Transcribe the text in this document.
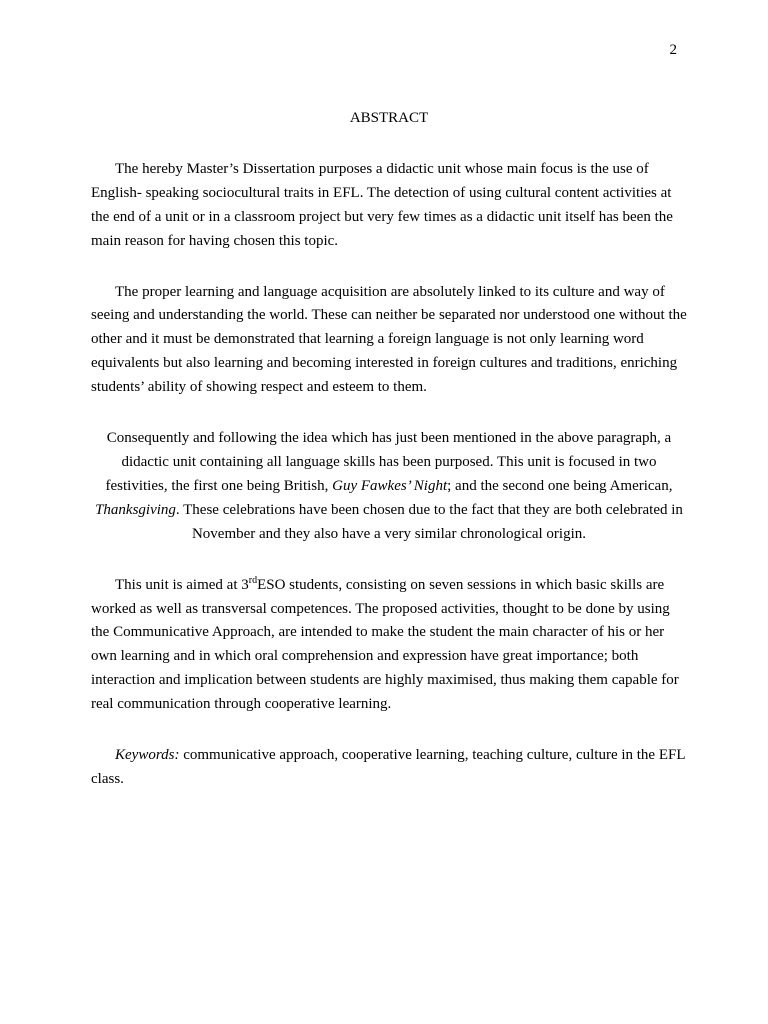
2
ABSTRACT

The hereby Master’s Dissertation purposes a didactic unit whose main focus is the use of English- speaking sociocultural traits in EFL. The detection of using cultural content activities at the end of a unit or in a classroom project but very few times as a didactic unit itself has been the main reason for having chosen this topic.

The proper learning and language acquisition are absolutely linked to its culture and way of seeing and understanding the world. These can neither be separated nor understood one without the other and it must be demonstrated that learning a foreign language is not only learning word equivalents but also learning and becoming interested in foreign cultures and traditions, enriching students’ ability of showing respect and esteem to them.

Consequently and following the idea which has just been mentioned in the above paragraph, a didactic unit containing all language skills has been purposed. This unit is focused in two festivities, the first one being British, Guy Fawkes’ Night; and the second one being American, Thanksgiving. These celebrations have been chosen due to the fact that they are both celebrated in November and they also have a very similar chronological origin.

This unit is aimed at 3rdESO students, consisting on seven sessions in which basic skills are worked as well as transversal competences. The proposed activities, thought to be done by using the Communicative Approach, are intended to make the student the main character of his or her own learning and in which oral comprehension and expression have great importance; both interaction and implication between students are highly maximised, thus making them capable for real communication through cooperative learning.

Keywords: communicative approach, cooperative learning, teaching culture, culture in the EFL class.
